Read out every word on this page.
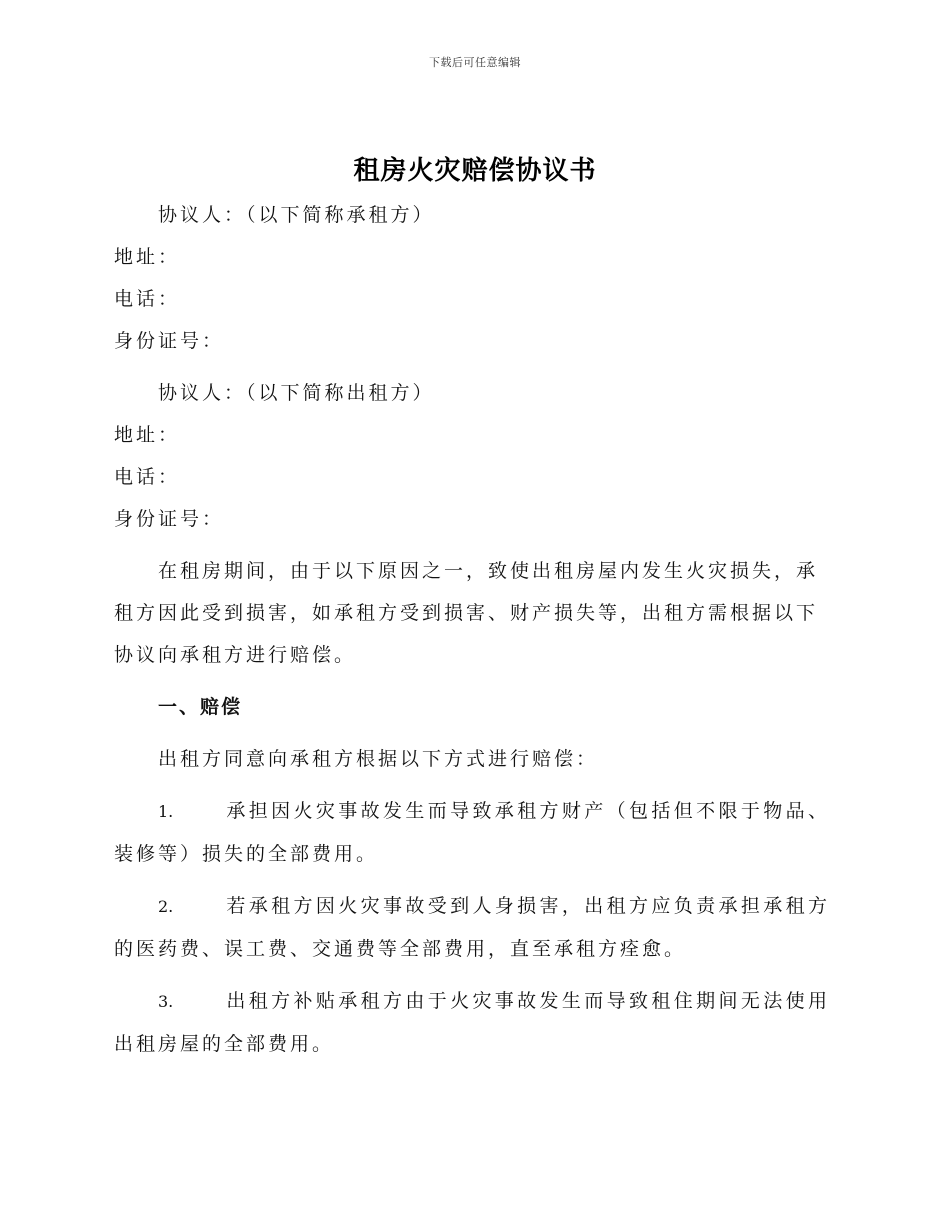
下载后可任意编辑
租房火灾赔偿协议书

协议人：（以下简称承租方）

地址：

电话：

身份证号：

协议人：（以下简称出租方）

地址：

电话：

身份证号：

在租房期间，由于以下原因之一，致使出租房屋内发生火灾损失，承租方因此受到损害，如承租方受到损害、财产损失等，出租方需根据以下协议向承租方进行赔偿。

一、赔偿

出租方同意向承租方根据以下方式进行赔偿：

1.	承担因火灾事故发生而导致承租方财产（包括但不限于物品、装修等）损失的全部费用。

2.	若承租方因火灾事故受到人身损害，出租方应负责承担承租方的医药费、误工费、交通费等全部费用，直至承租方痊愈。

3.	出租方补贴承租方由于火灾事故发生而导致租住期间无法使用出租房屋的全部费用。
